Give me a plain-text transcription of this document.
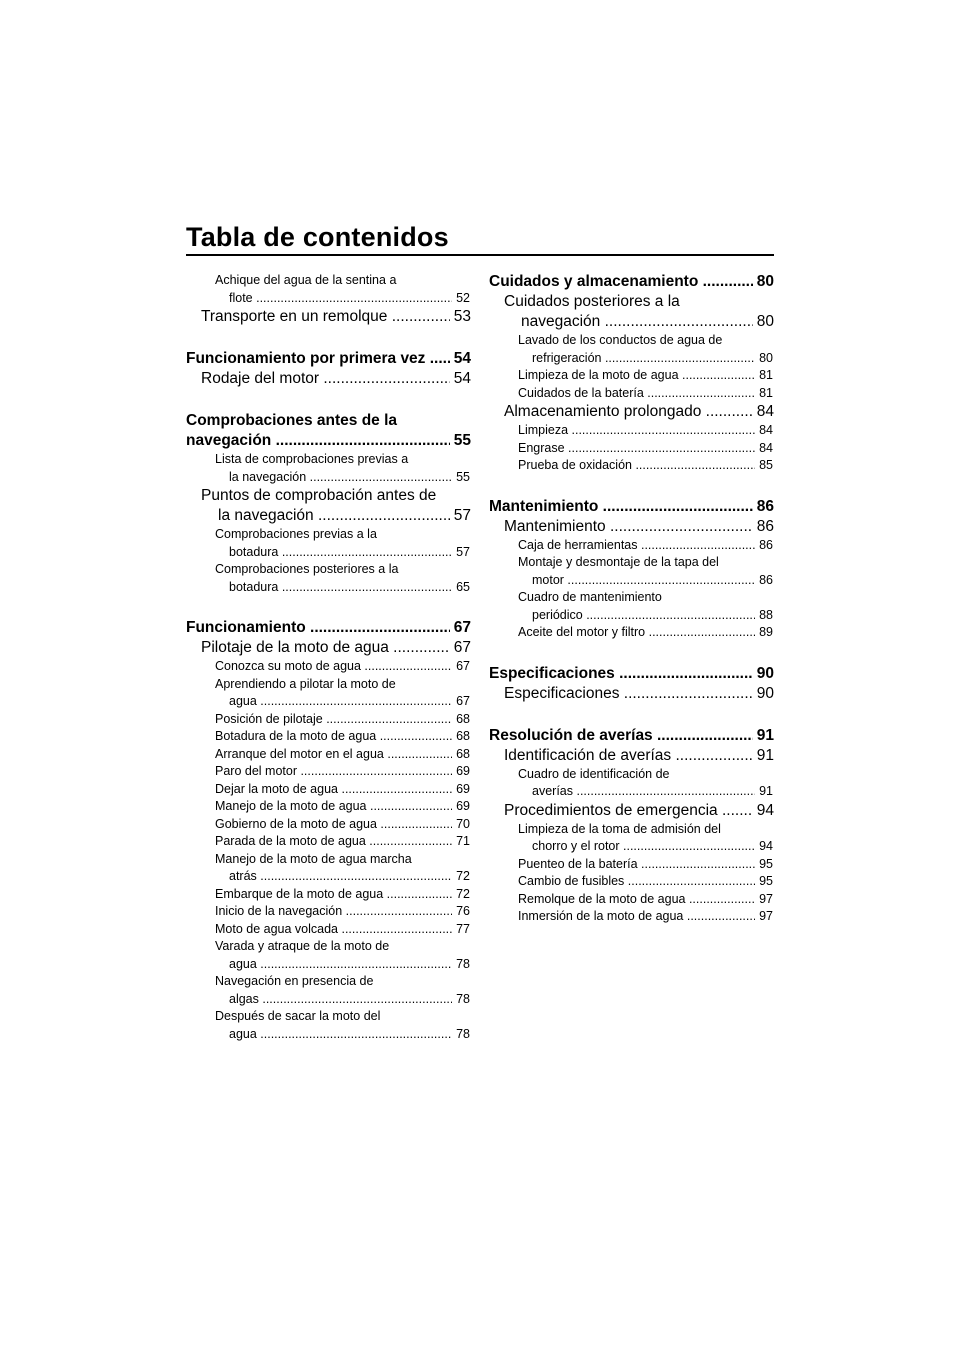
Tabla de contenidos
Achique del agua de la sentina a
flote .....	52
Transporte en un remolque .....	53
Funcionamiento por primera vez .....	54
Rodaje del motor .....	54
Comprobaciones antes de la
navegación .....	55
Lista de comprobaciones previas a
la navegación .....	55
Puntos de comprobación antes de
la navegación .....	57
Comprobaciones previas a la
botadura .....	57
Comprobaciones posteriores a la
botadura .....	65
Funcionamiento .....	67
Pilotaje de la moto de agua .....	67
Conozca su moto de agua .....	67
Aprendiendo a pilotar la moto de
agua .....	67
Posición de pilotaje .....	68
Botadura de la moto de agua .....	68
Arranque del motor en el agua .....	68
Paro del motor .....	69
Dejar la moto de agua .....	69
Manejo de la moto de agua .....	69
Gobierno de la moto de agua .....	70
Parada de la moto de agua .....	71
Manejo de la moto de agua marcha
atrás .....	72
Embarque de la moto de agua .....	72
Inicio de la navegación .....	76
Moto de agua volcada .....	77
Varada y atraque de la moto de
agua .....	78
Navegación en presencia de
algas .....	78
Después de sacar la moto del
agua .....	78
Cuidados y almacenamiento .....	80
Cuidados posteriores a la
navegación .....	80
Lavado de los conductos de agua de
refrigeración .....	80
Limpieza de la moto de agua .....	81
Cuidados de la batería .....	81
Almacenamiento prolongado .....	84
Limpieza .....	84
Engrase .....	84
Prueba de oxidación .....	85
Mantenimiento .....	86
Mantenimiento .....	86
Caja de herramientas .....	86
Montaje y desmontaje de la tapa del
motor .....	86
Cuadro de mantenimiento
periódico .....	88
Aceite del motor y filtro .....	89
Especificaciones .....	90
Especificaciones .....	90
Resolución de averías .....	91
Identificación de averías .....	91
Cuadro de identificación de
averías .....	91
Procedimientos de emergencia .....	94
Limpieza de la toma de admisión del
chorro y el rotor .....	94
Puenteo de la batería .....	95
Cambio de fusibles .....	95
Remolque de la moto de agua .....	97
Inmersión de la moto de agua .....	97
